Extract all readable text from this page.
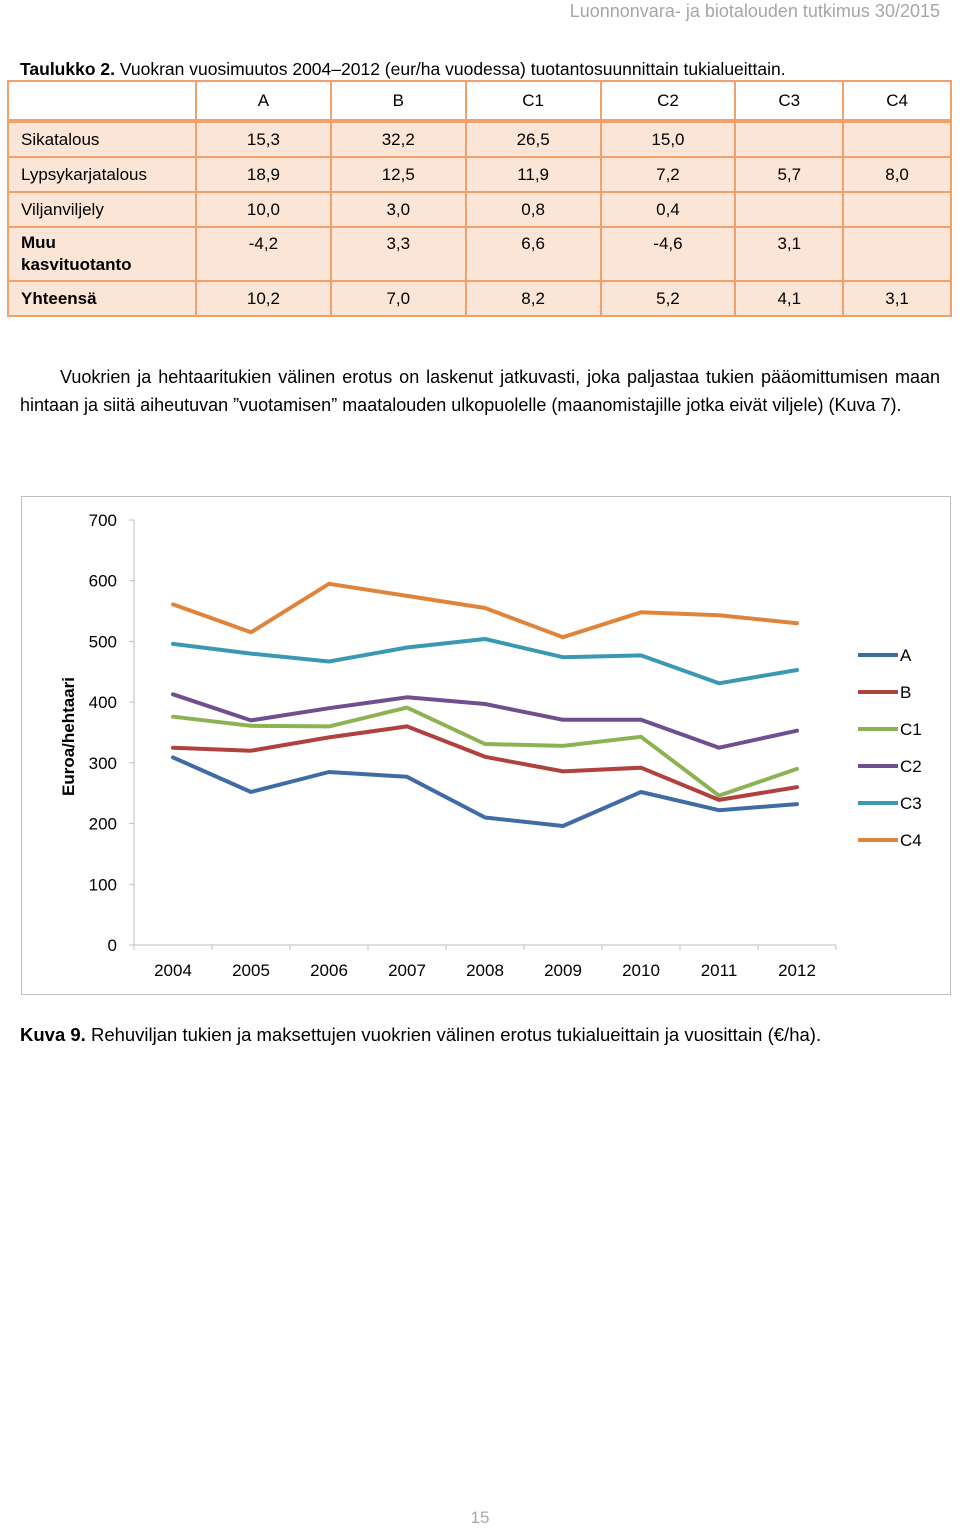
Luonnonvara- ja biotalouden tutkimus 30/2015
Taulukko 2. Vuokran vuosimuutos 2004–2012 (eur/ha vuodessa) tuotantosuunnittain tukialueittain.
	A	B	C1	C2	C3	C4
Sikatalous	15,3	32,2	26,5	15,0		
Lypsykarjatalous	18,9	12,5	11,9	7,2	5,7	8,0
Viljanviljely	10,0	3,0	0,8	0,4		
Muu
kasvituotanto	-4,2	3,3	6,6	-4,6	3,1	
Yhteensä	10,2	7,0	8,2	5,2	4,1	3,1
Vuokrien ja hehtaaritukien välinen erotus on laskenut jatkuvasti, joka paljastaa tukien pääomittumisen maan hintaan ja siitä aiheutuvan ”vuotamisen” maatalouden ulkopuolelle (maanomistajille jotka eivät viljele) (Kuva 7).
0
100
200
300
400
500
600
700
2004 2005 2006 2007 2008 2009 2010 2011 2012
Euroa/hehtaari
A
B
C1
C2
C3
C4
Kuva 9. Rehuviljan tukien ja maksettujen vuokrien välinen erotus tukialueittain ja vuosittain (€/ha).
15
